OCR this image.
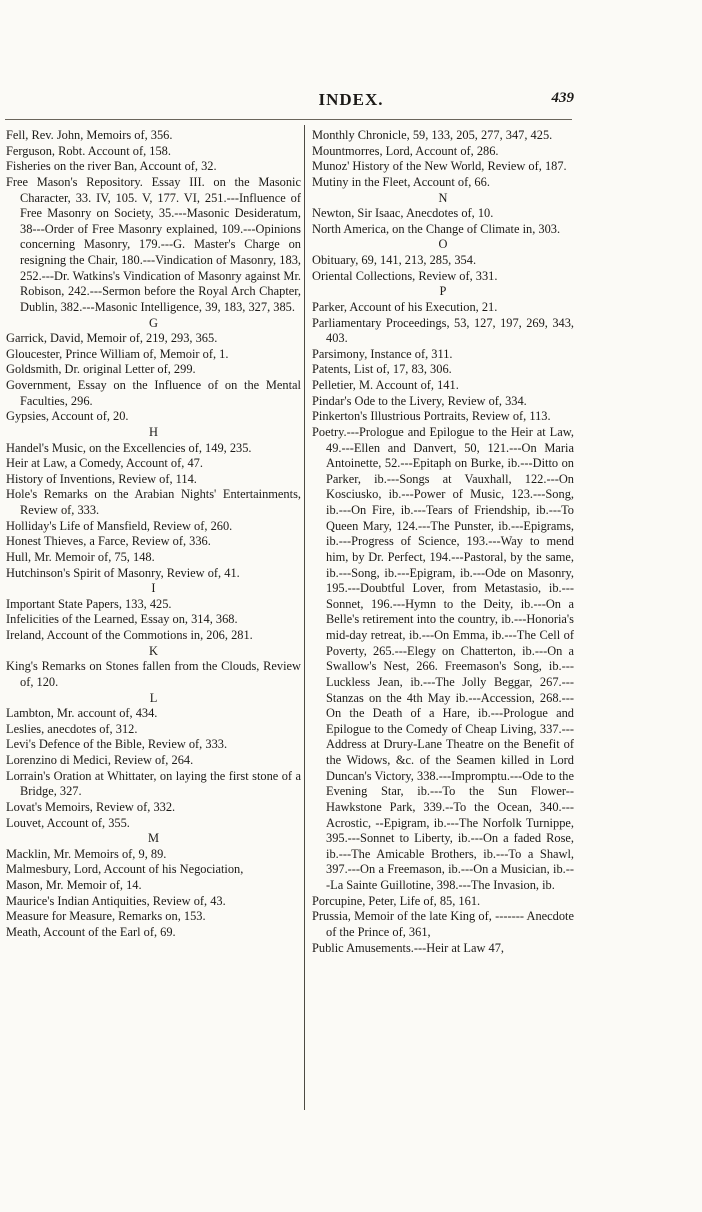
INDEX.	439

Fell, Rev. John, Memoirs of, 356.

Ferguson, Robt. Account of, 158.

Fisheries on the river Ban, Account of, 32.

Free Mason's Repository. Essay III. on the Masonic Character, 33. IV, 105. V, 177. VI, 251.---Influence of Free Masonry on Society, 35.---Masonic Desideratum, 38---Order of Free Masonry explained, 109.---Opinions concerning Masonry, 179.---G. Master's Charge on resigning the Chair, 180.---Vindication of Masonry, 183, 252.---Dr. Watkins's Vindication of Masonry against Mr. Robison, 242.---Sermon before the Royal Arch Chapter, Dublin, 382.---Masonic Intelligence, 39, 183, 327, 385.

G

Garrick, David, Memoir of, 219, 293, 365.

Gloucester, Prince William of, Memoir of, 1.

Goldsmith, Dr. original Letter of, 299.

Government, Essay on the Influence of on the Mental Faculties, 296.

Gypsies, Account of, 20.

H

Handel's Music, on the Excellencies of, 149, 235.

Heir at Law, a Comedy, Account of, 47.

History of Inventions, Review of, 114.

Hole's Remarks on the Arabian Nights' Entertainments, Review of, 333.

Holliday's Life of Mansfield, Review of, 260.

Honest Thieves, a Farce, Review of, 336.

Hull, Mr. Memoir of, 75, 148.

Hutchinson's Spirit of Masonry, Review of, 41.

I

Important State Papers, 133, 425.

Infelicities of the Learned, Essay on, 314, 368.

Ireland, Account of the Commotions in, 206, 281.

K

King's Remarks on Stones fallen from the Clouds, Review of, 120.

L

Lambton, Mr. account of, 434.

Leslies, anecdotes of, 312.

Levi's Defence of the Bible, Review of, 333.

Lorenzino di Medici, Review of, 264.

Lorrain's Oration at Whittater, on laying the first stone of a Bridge, 327.

Lovat's Memoirs, Review of, 332.

Louvet, Account of, 355.

M

Macklin, Mr. Memoirs of, 9, 89.

Malmesbury, Lord, Account of his Negociation,

Mason, Mr. Memoir of, 14.

Maurice's Indian Antiquities, Review of, 43.

Measure for Measure, Remarks on, 153.

Meath, Account of the Earl of, 69.

Monthly Chronicle, 59, 133, 205, 277, 347, 425.

Mountmorres, Lord, Account of, 286.

Munoz' History of the New World, Review of, 187.

Mutiny in the Fleet, Account of, 66.

N

Newton, Sir Isaac, Anecdotes of, 10.

North America, on the Change of Climate in, 303.

O

Obituary, 69, 141, 213, 285, 354.

Oriental Collections, Review of, 331.

P

Parker, Account of his Execution, 21.

Parliamentary Proceedings, 53, 127, 197, 269, 343, 403.

Parsimony, Instance of, 311.

Patents, List of, 17, 83, 306.

Pelletier, M. Account of, 141.

Pindar's Ode to the Livery, Review of, 334.

Pinkerton's Illustrious Portraits, Review of, 113.

Poetry.---Prologue and Epilogue to the Heir at Law, 49.---Ellen and Danvert, 50, 121.---On Maria Antoinette, 52.---Epitaph on Burke, ib.---Ditto on Parker, ib.---Songs at Vauxhall, 122.---On Kosciusko, ib.---Power of Music, 123.---Song, ib.---On Fire, ib.---Tears of Friendship, ib.---To Queen Mary, 124.---The Punster, ib.---Epigrams, ib.---Progress of Science, 193.---Way to mend him, by Dr. Perfect, 194.---Pastoral, by the same, ib.---Song, ib.---Epigram, ib.---Ode on Masonry, 195.---Doubtful Lover, from Metastasio, ib.---Sonnet, 196.---Hymn to the Deity, ib.---On a Belle's retirement into the country, ib.---Honoria's mid-day retreat, ib.---On Emma, ib.---The Cell of Poverty, 265.---Elegy on Chatterton, ib.---On a Swallow's Nest, 266. Freemason's Song, ib.---Luckless Jean, ib.---The Jolly Beggar, 267.---Stanzas on the 4th May ib.---Accession, 268.---On the Death of a Hare, ib.---Prologue and Epilogue to the Comedy of Cheap Living, 337.---Address at Drury-Lane Theatre on the Benefit of the Widows, &c. of the Seamen killed in Lord Duncan's Victory, 338.---Impromptu.---Ode to the Evening Star, ib.---To the Sun Flower-- Hawkstone Park, 339.--To the Ocean, 340.---Acrostic, --Epigram, ib.---The Norfolk Turnippe, 395.---Sonnet to Liberty, ib.---On a faded Rose, ib.---The Amicable Brothers, ib.---To a Shawl, 397.---On a Freemason, ib.---On a Musician, ib.---La Sainte Guillotine, 398.---The Invasion, ib.

Porcupine, Peter, Life of, 85, 161.

Prussia, Memoir of the late King of, ------- Anecdote of the Prince of, 361,

Public Amusements.---Heir at Law 47,
